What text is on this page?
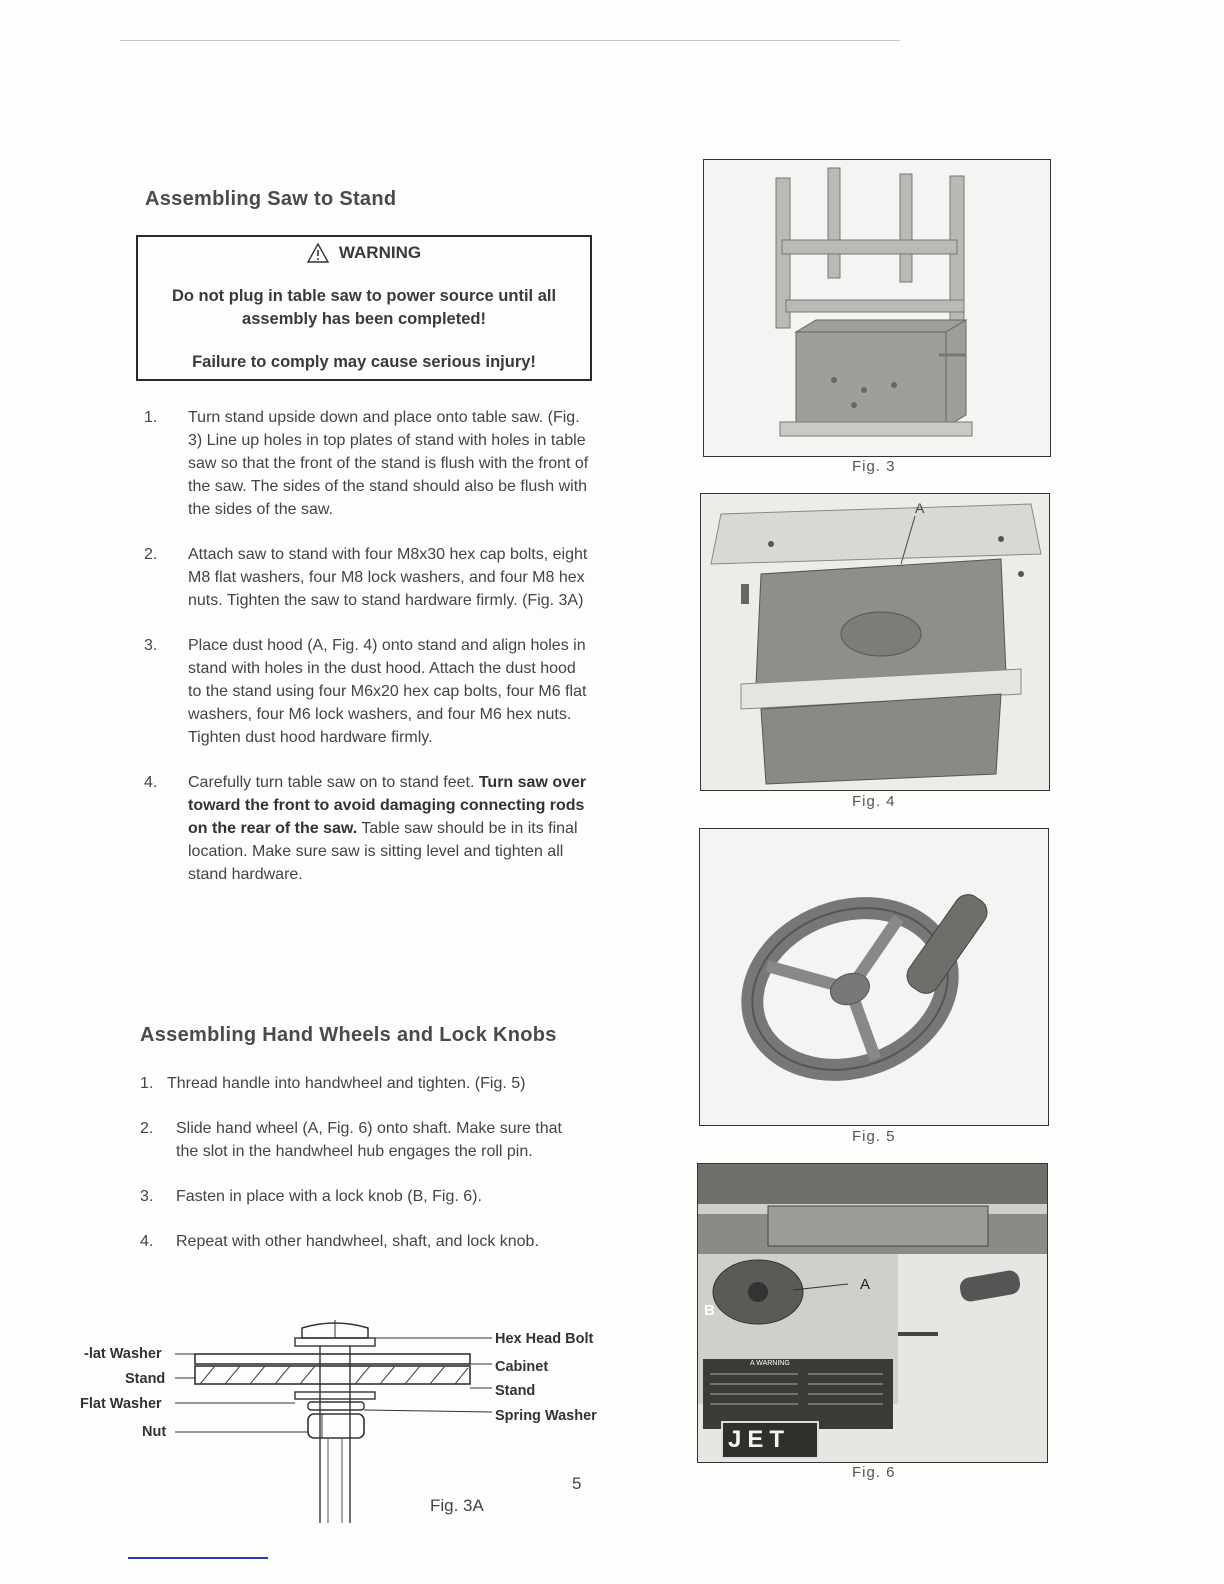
Assembling Saw to Stand
WARNING
Do not plug in table saw to power source until all assembly has been completed!
Failure to comply may cause serious injury!
1. Turn stand upside down and place onto table saw. (Fig. 3) Line up holes in top plates of stand with holes in table saw so that the front of the stand is flush with the front of the saw. The sides of the stand should also be flush with the sides of the saw.
2. Attach saw to stand with four M8x30 hex cap bolts, eight M8 flat washers, four M8 lock washers, and four M8 hex nuts. Tighten the saw to stand hardware firmly. (Fig. 3A)
3. Place dust hood (A, Fig. 4) onto stand and align holes in stand with holes in the dust hood. Attach the dust hood to the stand using four M6x20 hex cap bolts, four M6 flat washers, four M6 lock washers, and four M6 hex nuts. Tighten dust hood hardware firmly.
4. Carefully turn table saw on to stand feet. Turn saw over toward the front to avoid damaging connecting rods on the rear of the saw. Table saw should be in its final location. Make sure saw is sitting level and tighten all stand hardware.
Assembling Hand Wheels and Lock Knobs
1. Thread handle into handwheel and tighten. (Fig. 5)
2. Slide hand wheel (A, Fig. 6) onto shaft. Make sure that the slot in the handwheel hub engages the roll pin.
3. Fasten in place with a lock knob (B, Fig. 6).
4. Repeat with other handwheel, shaft, and lock knob.
-lat Washer
Stand
Flat Washer
Nut
Hex Head Bolt
Cabinet
Stand
Spring Washer
Fig. 3A
5
Fig. 3
A
Fig. 4
Fig. 5
A
B
A WARNING
JET
Fig. 6
